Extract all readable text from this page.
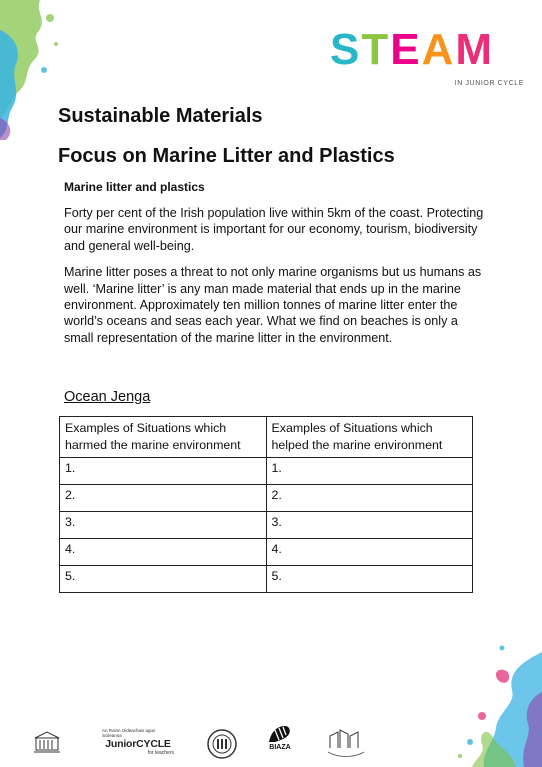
S T E A M
IN JUNIOR CYCLE
Sustainable Materials
Focus on Marine Litter and Plastics

Marine litter and plastics

Forty per cent of the Irish population live within 5km of the coast. Protecting our marine environment is important for our economy, tourism, biodiversity and general well-being.

Marine litter poses a threat to not only marine organisms but us humans as well. ‘Marine litter’ is any man made material that ends up in the marine environment. Approximately ten million tonnes of marine litter enter the world’s oceans and seas each year. What we find on beaches is only a small representation of the marine litter in the environment.

Ocean Jenga
Examples of Situations which harmed the marine environment	Examples of Situations which helped the marine environment
1.	1.
2.	2.
3.	3.
4.	4.
5.	5.
An Roinn Oideachais agus Scileanna
JuniorCYCLE
for teachers
BIAZA
